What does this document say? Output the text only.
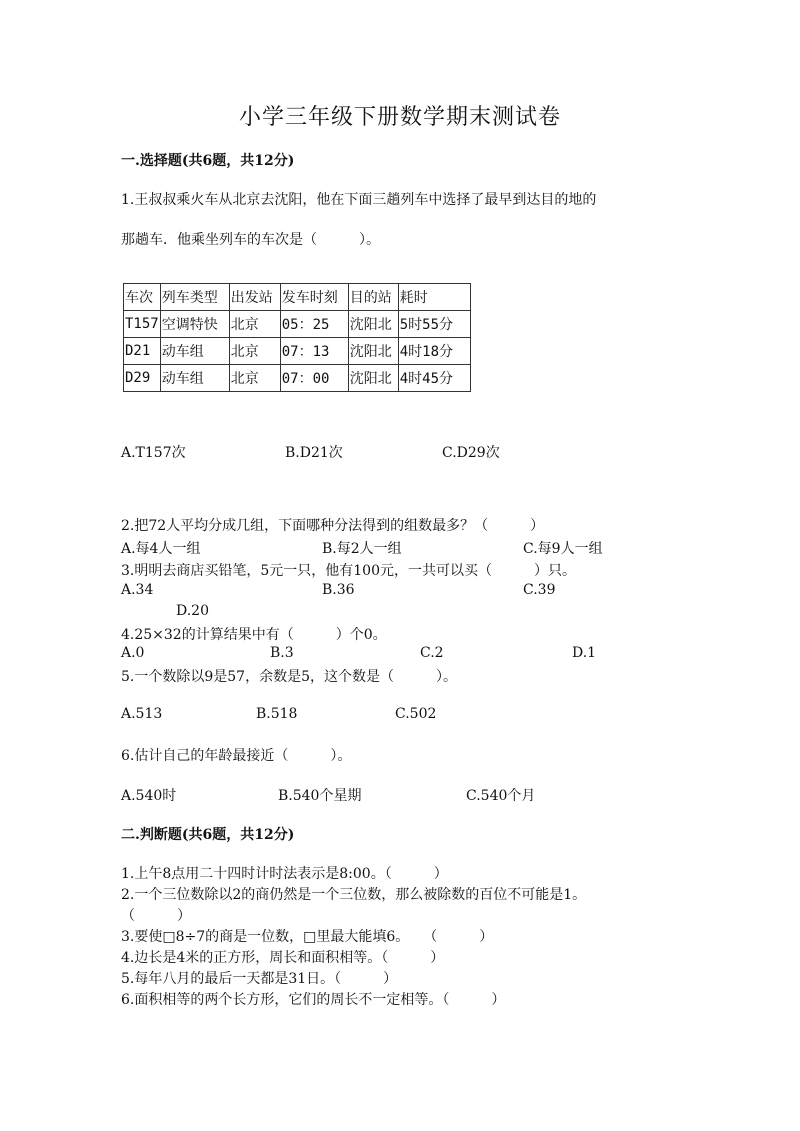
小学三年级下册数学期末测试卷
一.选择题(共6题，共12分)
1.王叔叔乘火车从北京去沈阳，他在下面三趟列车中选择了最早到达目的地的
那趟车．他乘坐列车的车次是（　　　）。
车次	列车类型	出发站	发车时刻	目的站	耗时
T157	空调特快	北京	05：25	沈阳北	5时55分
D21	动车组	北京	07：13	沈阳北	4时18分
D29	动车组	北京	07：00	沈阳北	4时45分
A.T157次	B.D21次	C.D29次
2.把72人平均分成几组，下面哪种分法得到的组数最多？（　　　）
A.每4人一组	B.每2人一组	C.每9人一组
3.明明去商店买铅笔，5元一只，他有100元，一共可以买（　　　）只。
A.34	B.36	C.39
D.20
4.25×32的计算结果中有（　　　）个0。
A.0	B.3	C.2	D.1
5.一个数除以9是57，余数是5，这个数是（　　　）。
A.513	B.518	C.502
6.估计自己的年龄最接近（　　　）。
A.540时	B.540个星期	C.540个月
二.判断题(共6题，共12分)
1.上午8点用二十四时计时法表示是8:00。（　　　）
2.一个三位数除以2的商仍然是一个三位数，那么被除数的百位不可能是1。
（　　　）
3.要使□8÷7的商是一位数，□里最大能填6。　　（　　　）
4.边长是4米的正方形，周长和面积相等。（　　　）
5.每年八月的最后一天都是31日。（　　　）
6.面积相等的两个长方形，它们的周长不一定相等。（　　　）
